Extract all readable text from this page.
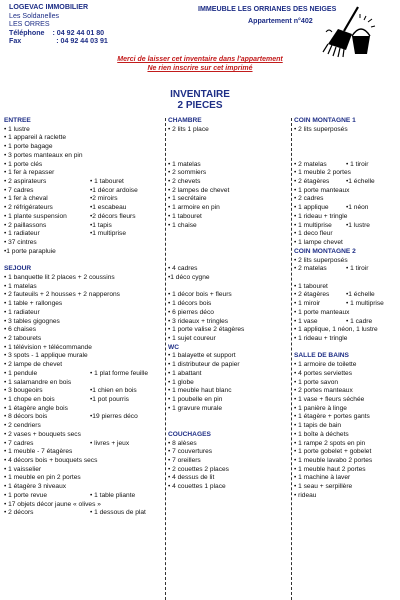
LOGEVAC IMMOBILIER
Les Soldanelles
LES ORRES
Téléphone : 04 92 44 01 80
Fax	: 04 92 44 03 91
IMMEUBLE LES ORRIANES DES NEIGES
Appartement n°402
Merci de laisser cet inventaire dans l'appartement
Ne rien inscrire sur cet imprimé
INVENTAIRE
2 PIECES
ENTREE
• 1 lustre
• 1 appareil à raclette
• 1 porte bagage
• 3 portes manteaux en pin
• 1 porte clés
• 1 fer à repasser
• 2 aspirateurs	• 1 tabouret
• 7 cadres	•1 décor ardoise
• 1 fer à cheval	•2 miroirs
• 2 réfrigérateurs	•1 escabeau
• 1 plante suspension	•2 décors fleurs
• 2 paillassons	•1 tapis
• 1 radiateur	•1 multiprise
• 37 cintres
•1 porte parapluie
SEJOUR
• 1 banquette lit 2 places + 2 coussins
• 1 matelas
• 2 fauteuils + 2 housses + 2 napperons
• 1 table + rallonges
• 1 radiateur
• 3 tables gigognes
• 6 chaises
• 2 tabourets
• 1 télévision + télécommande
• 3 spots - 1 applique murale
• 2 lampe de chevet
• 1 pendule	• 1 plat forme feuille
• 1 salamandre en bois
• 3 bougeoirs	•1 chien en bois
• 1 chope en bois	•1 pot pourris
• 1 étagère angle bois
• 8 décors bois	•19 pierres déco
• 2 cendriers
• 2 vases + bouquets secs
• 7 cadres	• livres + jeux
• 1 meuble - 7 étagères
• 4 décors bois + bouquets secs
• 1 vaisselier
• 1 meuble en pin 2 portes
• 1 étagère 3 niveaux
• 1 porte revue	• 1 table pliante
• 17 objets décor jaune « olives »
• 2 décors	• 1 dessous de plat
CHAMBRE
• 2 lits 1 place
• 1 matelas
• 2 sommiers
• 2 chevets
• 2 lampes de chevet
• 1 secrétaire
• 1 armoire en pin
• 1 tabouret
• 1 chaise
• 4 cadres
•1 déco cygne
• 1 décor bois + fleurs
• 1 décors bois
• 6 pierres déco
• 3 rideaux + tringles
• 1 porte valise 2 étagères
• 1 sujet coureur
WC
• 1 balayette et support
• 1 distributeur de papier
• 1 abattant
• 1 globe
• 1 meuble haut blanc
• 1 poubelle en pin
• 1 gravure murale
COUCHAGES
• 8 alèses
• 7 couvertures
• 7 oreillers
• 2 couettes 2 places
• 4 dessus de lit
• 4 couettes 1 place
COIN MONTAGNE 1
• 2 lits superposés
• 2 matelas	• 1 tiroir
• 1 meuble 2 portes
• 2 étagères	•1 échelle
• 1 porte manteaux
• 2 cadres
• 1 applique	•1 néon
• 1 rideau + tringle
• 1 multiprise •1 lustre
• 1 deco fleur
• 1 lampe chevet
COIN MONTAGNE 2
• 2 lits superposés
• 2 matelas	• 1 tiroir
• 1 tabouret
• 2 étagères	•1 échelle
• 1 miroir	• 1 multiprise
• 1 porte manteaux
• 1 vase	• 1 cadre
• 1 applique, 1 néon, 1 lustre
• 1 rideau + tringle
SALLE DE BAINS
• 1 armoire de toilette
• 4 portes serviettes
• 1 porte savon
• 2 portes manteaux
• 1 vase + fleurs séchée
• 1 panière à linge
• 1 étagère + portes gants
• 1 tapis de bain
• 1 boîte à déchets
• 1 rampe 2 spots en pin
• 1 porte gobelet + gobelet
• 1 meuble lavabo 2 portes
• 1 meuble haut 2 portes
• 1 machine à laver
• 1 seau + serpillère
• rideau
